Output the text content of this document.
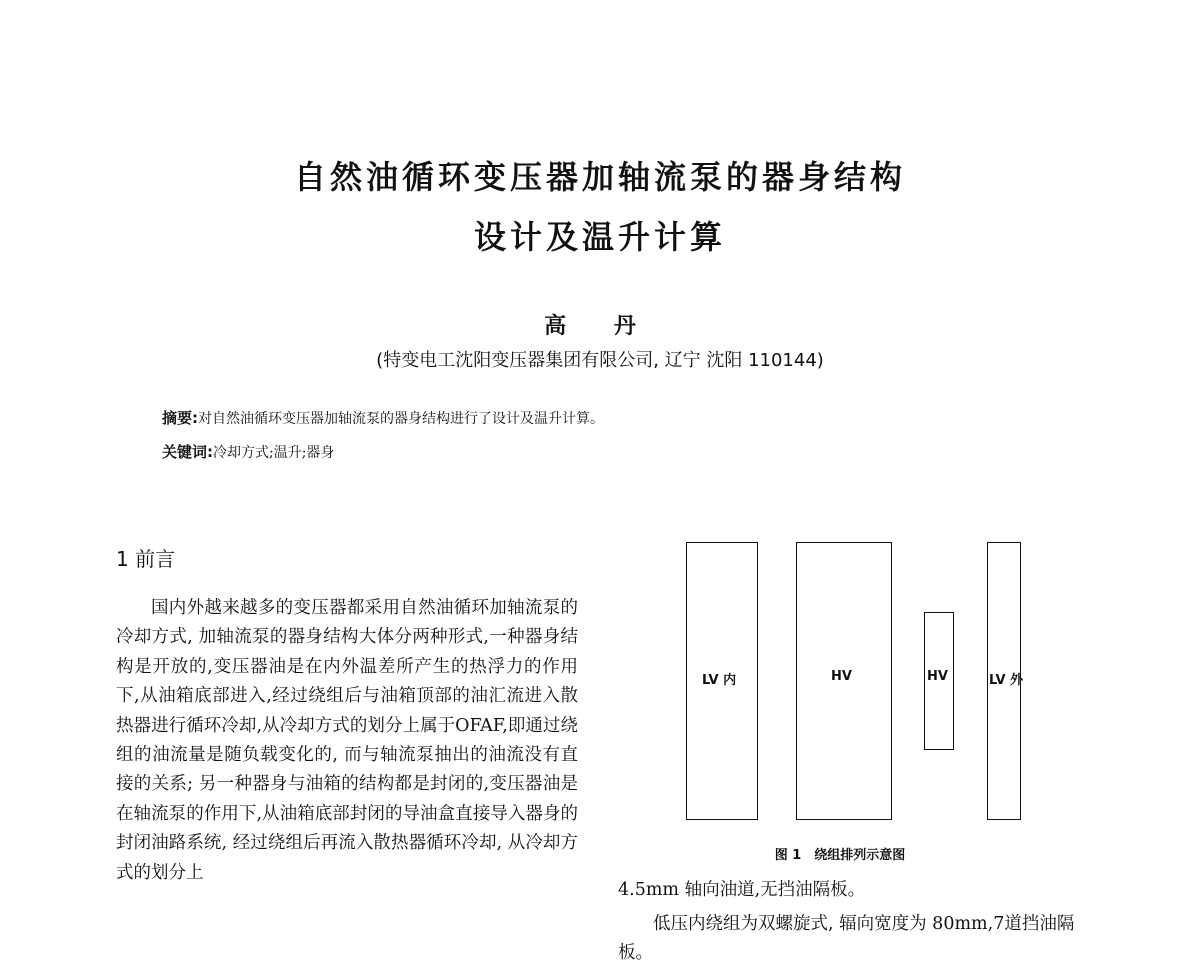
自然油循环变压器加轴流泵的器身结构
设计及温升计算
高 丹
(特变电工沈阳变压器集团有限公司, 辽宁 沈阳 110144)
摘要:对自然油循环变压器加轴流泵的器身结构进行了设计及温升计算。
关键词:冷却方式;温升;器身
1 前言
国内外越来越多的变压器都采用自然油循环加轴流泵的冷却方式, 加轴流泵的器身结构大体分两种形式,一种器身结构是开放的,变压器油是在内外温差所产生的热浮力的作用下,从油箱底部进入,经过绕组后与油箱顶部的油汇流进入散热器进行循环冷却,从冷却方式的划分上属于OFAF,即通过绕组的油流量是随负载变化的, 而与轴流泵抽出的油流没有直接的关系; 另一种器身与油箱的结构都是封闭的,变压器油是在轴流泵的作用下,从油箱底部封闭的导油盒直接导入器身的封闭油路系统, 经过绕组后再流入散热器循环冷却, 从冷却方式的划分上
LV 内	HV	HV	LV 外
图 1　绕组排列示意图
4.5mm 轴向油道,无挡油隔板。
低压内绕组为双螺旋式, 辐向宽度为 80mm,7道挡油隔板。
